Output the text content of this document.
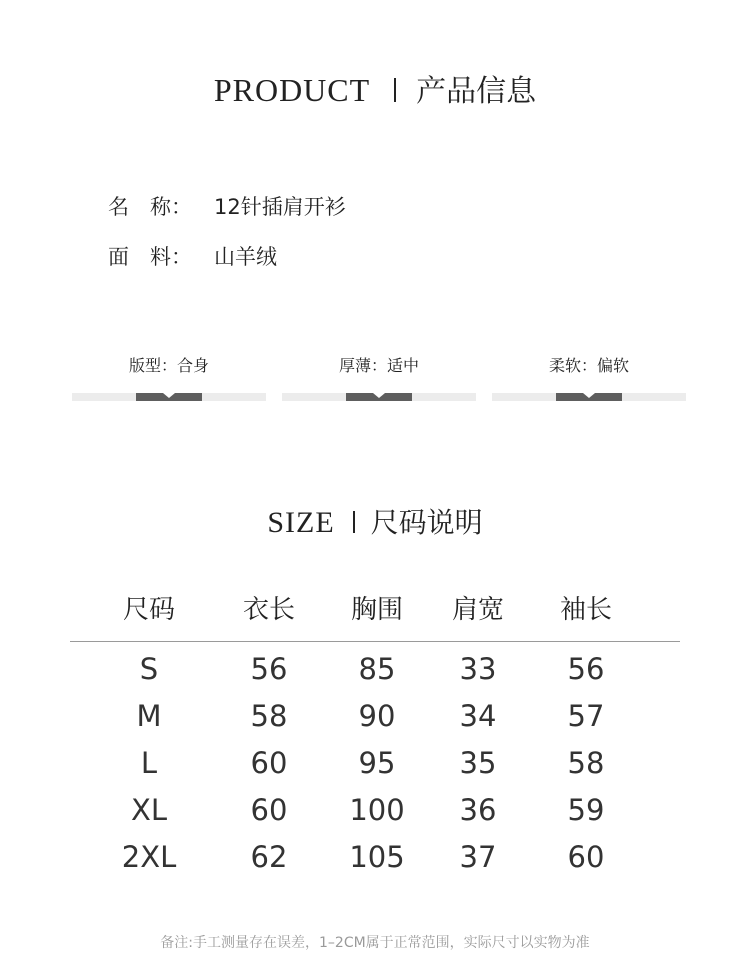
PRODUCT 产品信息
名　称： 12针插肩开衫
面　料： 山羊绒
版型：合身	厚薄：适中	柔软：偏软
SIZE 尺码说明
尺码	衣长	胸围	肩宽	袖长
S	56	85	33	56
M	58	90	34	57
L	60	95	35	58
XL	60	100	36	59
2XL	62	105	37	60
备注:手工测量存在误差，1–2CM属于正常范围，实际尺寸以实物为准
